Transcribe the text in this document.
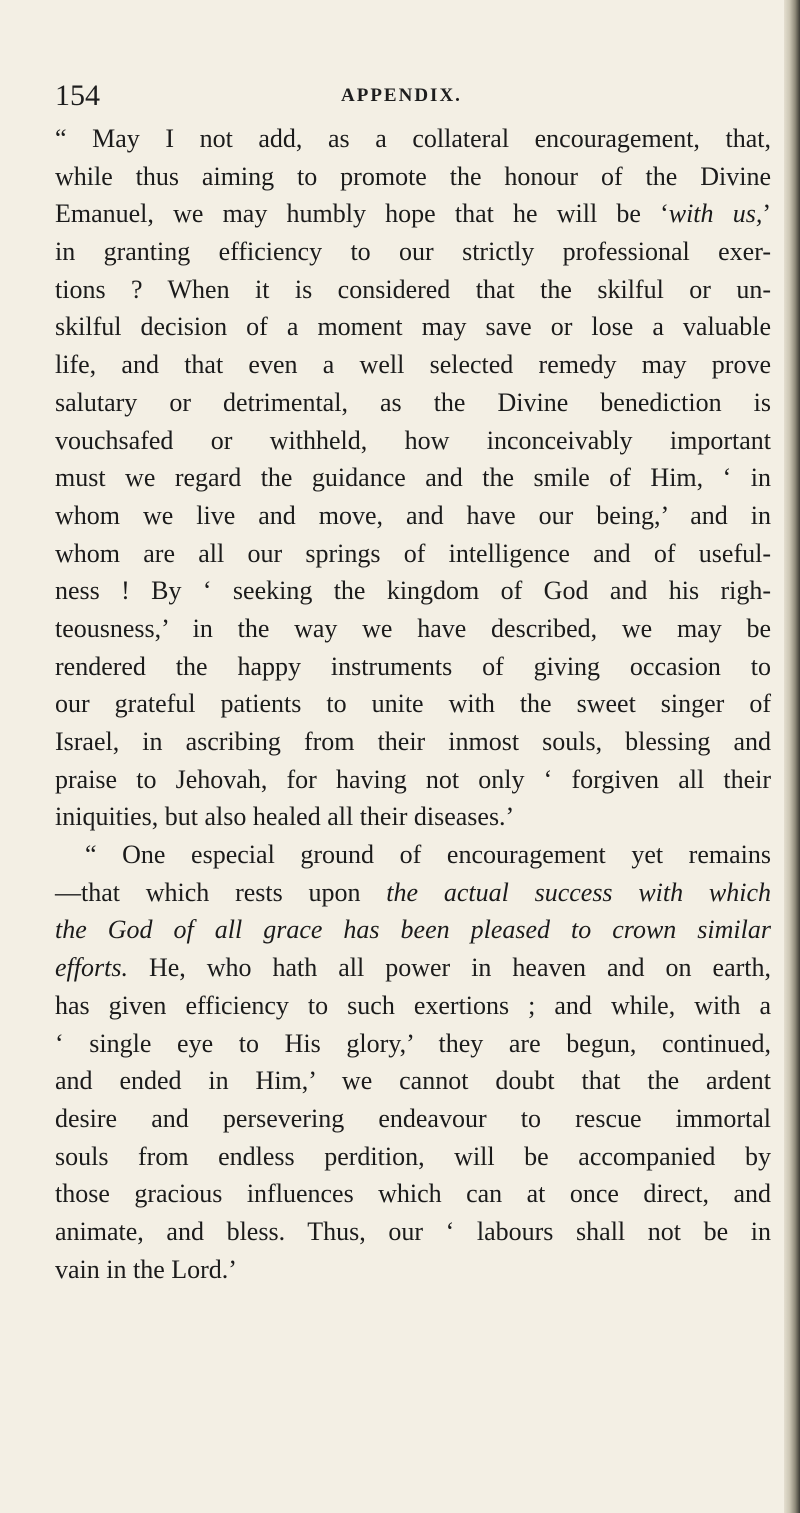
154	APPENDIX.
“ May I not add, as a collateral encouragement, that,
while thus aiming to promote the honour of the Divine
Emanuel, we may humbly hope that he will be ‘with us,’
in granting efficiency to our strictly professional exer-
tions ? When it is considered that the skilful or un-
skilful decision of a moment may save or lose a valuable
life, and that even a well selected remedy may prove
salutary or detrimental, as the Divine benediction is
vouchsafed or withheld, how inconceivably important
must we regard the guidance and the smile of Him, ‘ in
whom we live and move, and have our being,’ and in
whom are all our springs of intelligence and of useful-
ness ! By ‘ seeking the kingdom of God and his righ-
teousness,’ in the way we have described, we may be
rendered the happy instruments of giving occasion to
our grateful patients to unite with the sweet singer of
Israel, in ascribing from their inmost souls, blessing and
praise to Jehovah, for having not only ‘ forgiven all their
iniquities, but also healed all their diseases.’
“ One especial ground of encouragement yet remains
—that which rests upon the actual success with which
the God of all grace has been pleased to crown similar
efforts. He, who hath all power in heaven and on earth,
has given efficiency to such exertions ; and while, with a
‘ single eye to His glory,’ they are begun, continued,
and ended in Him,’ we cannot doubt that the ardent
desire and persevering endeavour to rescue immortal
souls from endless perdition, will be accompanied by
those gracious influences which can at once direct, and
animate, and bless. Thus, our ‘ labours shall not be in
vain in the Lord.’
